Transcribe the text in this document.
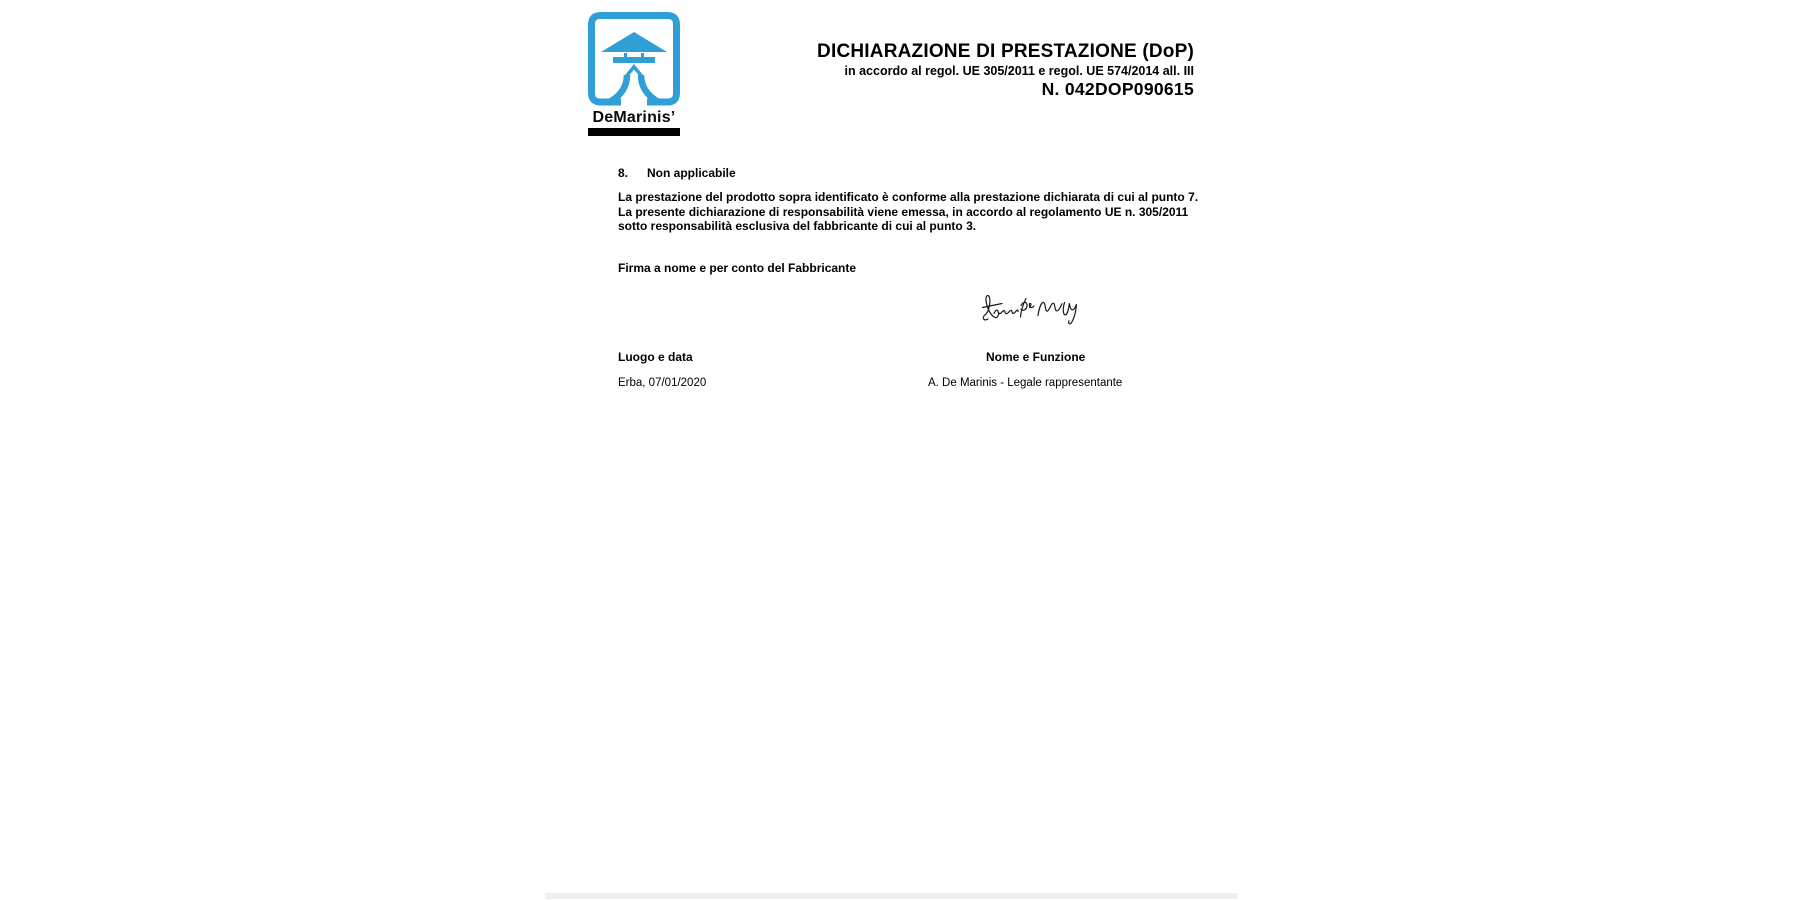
DeMarinis’
DICHIARAZIONE DI PRESTAZIONE (DoP)
in accordo al regol. UE 305/2011 e regol. UE 574/2014 all. III
N. 042DOP090615
8. Non applicabile
La prestazione del prodotto sopra identificato è conforme alla prestazione dichiarata di cui al punto 7.
La presente dichiarazione di responsabilità viene emessa, in accordo al regolamento UE n. 305/2011
sotto responsabilità esclusiva del fabbricante di cui al punto 3.
Firma a nome e per conto del Fabbricante
Luogo e data	Nome e Funzione
Erba, 07/01/2020	A. De Marinis - Legale rappresentante
